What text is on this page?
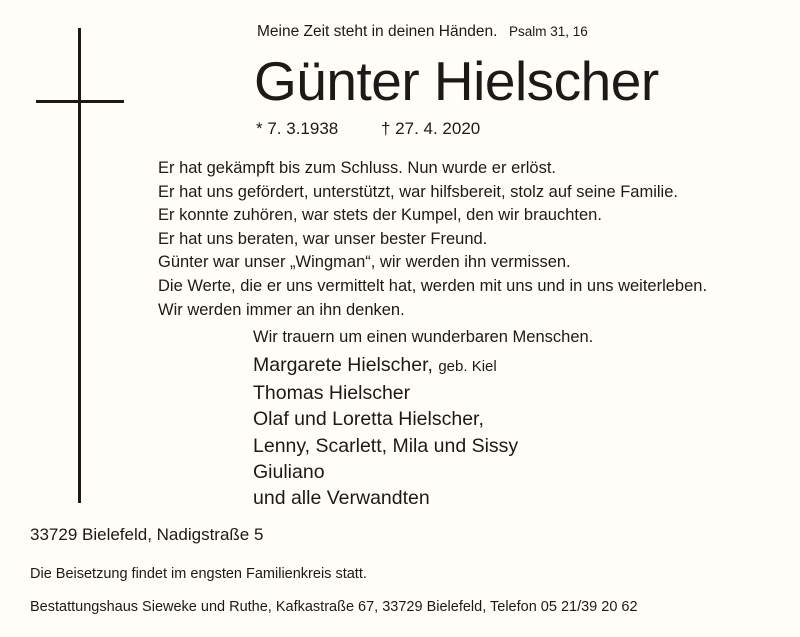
Meine Zeit steht in deinen Händen. Psalm 31, 16
Günter Hielscher
* 7. 3.1938	† 27. 4. 2020
Er hat gekämpft bis zum Schluss. Nun wurde er erlöst.
Er hat uns gefördert, unterstützt, war hilfsbereit, stolz auf seine Familie.
Er konnte zuhören, war stets der Kumpel, den wir brauchten.
Er hat uns beraten, war unser bester Freund.
Günter war unser „Wingman“, wir werden ihn vermissen.
Die Werte, die er uns vermittelt hat, werden mit uns und in uns weiterleben.
Wir werden immer an ihn denken.
Wir trauern um einen wunderbaren Menschen.
Margarete Hielscher, geb. Kiel
Thomas Hielscher
Olaf und Loretta Hielscher,
Lenny, Scarlett, Mila und Sissy
Giuliano
und alle Verwandten
33729 Bielefeld, Nadigstraße 5
Die Beisetzung findet im engsten Familienkreis statt.
Bestattungshaus Sieweke und Ruthe, Kafkastraße 67, 33729 Bielefeld, Telefon 05 21/39 20 62
